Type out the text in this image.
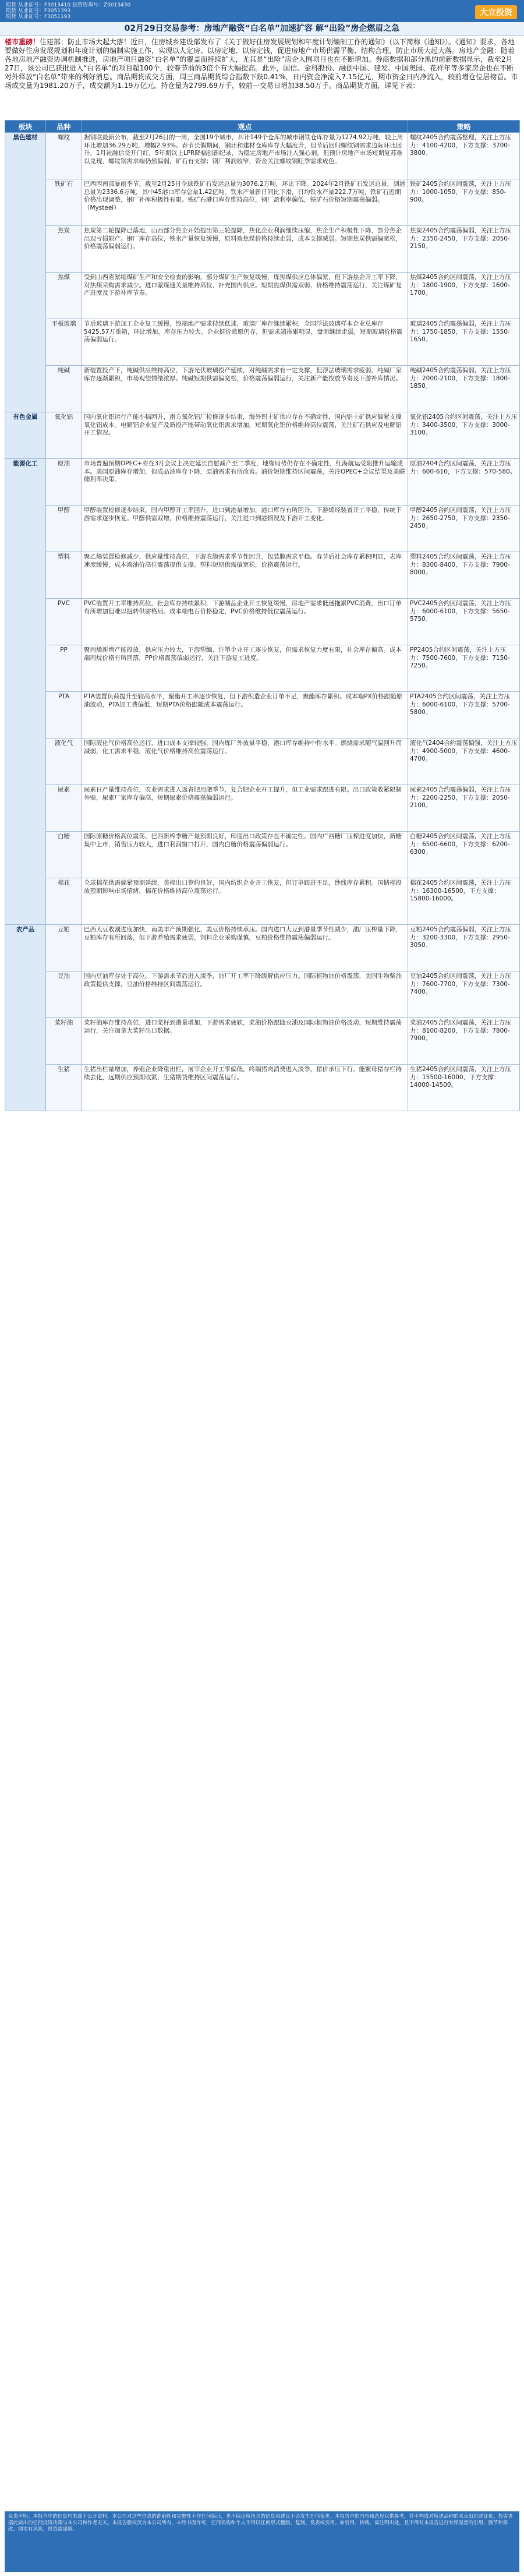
期货 从业证号：F3013410 投资咨询号：Z0013430
期货 从业证号：F3051393
期货 从业证号：F3051193	大立投资
02月29日交易参考：房地产融资“白名单”加速扩容 解“出险”房企燃眉之急
楼市重磅！住建部：防止市场大起大落！近日，住房城乡建设部发布了《关于做好住房发展规划和年度计划编制工作的通知》（以下简称《通知》）。《通知》要求，各地要做好住房发展规划和年度计划的编制实施工作，实现以人定房、以房定地、以房定钱，促进房地产市场供需平衡、结构合理，防止市场大起大落。房地产金融：随着各地房地产融资协调机制推进，房地产项目融资“白名单”的覆盖面持续扩大，尤其是“出险”房企入围项目也在不断增加。券商数据和部分黑的前新数据显示，截至2月27日，该公司已获批进入“白名单”的项目超100个，较春节前的3倍个有大幅提高。此外，国信、金科股份、融创中国、建发、中国奥园、花样年等多家房企也在不断对外释放“白名单”带来的利好消息。商品期货成交方面，周三商品期货综合指数下跌0.41%，日内资金净流入7.15亿元，期市资金日内净流入，较前增仓位居榜首。市场成交量为1981.20万手，成交额为1.19万亿元。持仓量为2799.69万手，较前一交易日增加38.50万手。商品期货方面，详见下表：
板块	品种	观点	策略
黑色建材	螺纹	据钢联最新公布，截至2月26日的一周，全国19个城市，共计149个仓库的城市钢铁仓库存量为1274.92万吨，较上周环比增加36.29万吨，增幅2.93%。春节长假期间，钢坯和建材仓库库存大幅度升，但节后回归螺纹钢需求边际环比回升，1月社融信贷开门红，5年期以上LPR降幅创新纪录，为稳定房地产市场注入强心剂，但预计房地产市场短期复苏难以兑现，螺纹钢需求端仍然偏弱，矿石有支撑；钢厂利润收窄，资金关注螺纹钢旺季需求成色。	螺纹2405合约震荡整理，关注上方压力：4100-4200，下方支撑：3700-3800。
	铁矿石	巴西西南部暴雨季节，截至2月25日全球铁矿石发运总量为3076.2万吨，环比下降。2024年2月铁矿石发运总量，到港总量为2336.6万吨，其中45港口库存总量1.42亿吨。铁水产量新日同比下滑，日均铁水产量222.7万吨，铁矿石近期价格出现调整，钢厂补库积极性有限。铁矿石港口库存维持高位，钢厂盈利率偏低，铁矿石价格短期震荡偏弱。（Mysteel）	铁矿2405合约区间震荡，关注上方压力：1000-1050，下方支撑：850-900。
	焦炭	焦炭第二轮提降已落地，山西部分焦企开始提出第三轮提降，焦化企业利润继续压缩，焦企生产积极性下降，部分焦企出现亏损限产。钢厂库存高位，铁水产量恢复缓慢，原料端焦煤价格持续走弱，成本支撑减弱。短期焦炭供需偏宽松，价格震荡偏弱运行。	焦炭2405合约震荡偏弱，关注上方压力：2350-2450，下方支撑：2050-2150。
	焦煤	受到山西省紧缩煤矿生产和安全检查的影响，部分煤矿生产恢复缓慢，炼焦煤供应总体偏紧，但下游焦企开工率下降，对焦煤采购需求减少。进口蒙煤通关量维持高位，补充国内供应。短期焦煤供需双弱，价格维持震荡运行，关注煤矿复产进度及下游补库节奏。	焦煤2405合约区间震荡，关注上方压力：1800-1900，下方支撑：1600-1700。
	平板玻璃	节后玻璃下游加工企业复工缓慢，终端地产需求持续低迷，玻璃厂库存继续累积，全国浮法玻璃样本企业总库存5425.57万重箱，环比增加，库存压力较大。企业挺价意愿仍存，但需求端拖累明显，盘面继续走弱，短期玻璃价格震荡偏弱运行。	玻璃2405合约震荡偏弱，关注上方压力：1750-1850，下方支撑：1550-1650。
	纯碱	新装置投产下，纯碱供应维持高位，下游光伏玻璃投产延续，对纯碱需求有一定支撑，但浮法玻璃需求疲弱，纯碱厂家库存逐渐累积，市场观望情绪浓厚。纯碱短期供需偏宽松，价格震荡偏弱运行，关注新产能投放节奏及下游补库情况。	纯碱2405合约震荡偏弱，关注上方压力：2000-2100，下方支撑：1800-1850。
有色金属	氧化铝	国内氧化铝运行产能小幅回升，南方氧化铝厂检修逐步结束，海外铝土矿供应存在不确定性，国内铝土矿供应偏紧支撑氧化铝成本。电解铝企业复产及新投产能带动氧化铝需求增加，短期氧化铝价格维持高位震荡，关注矿石供应及电解铝开工情况。	氧化铝2405合约区间震荡，关注上方压力：3400-3500，下方支撑：3000-3100。
能源化工	原油	市场普遍预期OPEC+将在3月会议上决定延长自愿减产至二季度，地缘局势仍存在不确定性，红海航运受阻推升运输成本。美国原油库存增加，但成品油库存下降，原油需求有所改善。油价短期维持区间震荡，关注OPEC+会议结果及美联储利率决策。	原油2404合约区间震荡，关注上方压力：600-610，下方支撑：570-580。
	甲醇	甲醇装置检修逐步结束，国内甲醇开工率回升，进口到港量增加，港口库存有所回升。下游烯烃装置开工平稳，传统下游需求逐步恢复。甲醇供需双增，价格维持震荡运行，关注进口到港情况及下游开工变化。	甲醇2405合约区间震荡，关注上方压力：2650-2750，下方支撑：2350-2450。
	塑料	聚乙烯装置检修减少，供应量维持高位，下游农膜需求季节性回升，包装膜需求平稳。春节后社会库存累积明显，去库速度缓慢，成本端油价高位震荡提供支撑。塑料短期供需偏宽松，价格震荡运行。	塑料2405合约区间震荡，关注上方压力：8300-8400，下方支撑：7900-8000。
	PVC	PVC装置开工率维持高位，社会库存持续累积，下游制品企业开工恢复缓慢，房地产需求低迷拖累PVC消费，出口订单有所增加但难以扭转供需格局。成本端电石价格稳定，PVC价格维持低位震荡运行。	PVC2405合约区间震荡，关注上方压力：6000-6100，下方支撑：5650-5750。
	PP	聚丙烯新增产能投放，供应压力较大，下游塑编、注塑企业开工逐步恢复，但需求恢复力度有限，社会库存偏高。成本端丙烷价格有所回落，PP价格震荡偏弱运行，关注下游复工进度。	PP2405合约区间震荡，关注上方压力：7500-7600，下方支撑：7150-7250。
	PTA	PTA装置负荷提升至较高水平，聚酯开工率逐步恢复，但下游织造企业订单不足，聚酯库存累积。成本端PX价格跟随原油波动，PTA加工费偏低，短期PTA价格跟随成本震荡运行。	PTA2405合约区间震荡，关注上方压力：6000-6100，下方支撑：5700-5800。
	液化气	国际液化气价格高位运行，进口成本支撑较强，国内炼厂外放量平稳，港口库存维持中性水平。燃烧需求随气温回升而减弱，化工需求平稳，液化气价格维持高位震荡运行。	液化气2404合约震荡偏强，关注上方压力：4900-5000，下方支撑：4600-4700。
	尿素	尿素日产量维持高位，农业需求进入返青肥用肥季节，复合肥企业开工提升，但工业需求跟进有限。出口政策收紧限制外需，尿素厂家库存偏高，短期尿素价格震荡偏弱运行。	尿素2405合约震荡偏弱，关注上方压力：2200-2250，下方支撑：2050-2100。
	白糖	国际原糖价格高位震荡，巴西新榨季糖产量预期良好，印度出口政策存在不确定性。国内广西糖厂压榨进度加快，新糖集中上市，销售压力较大，进口利润窗口打开，国内白糖价格震荡偏弱运行。	白糖2405合约区间震荡，关注上方压力：6500-6600，下方支撑：6200-6300。
	棉花	全球棉花供需偏紧预期延续，美棉出口签约良好，国内纺织企业开工恢复，但订单跟进不足，纱线库存累积。国储棉投放预期影响市场情绪，棉花价格维持高位震荡运行。	棉花2405合约区间震荡，关注上方压力：16300-16500，下方支撑：15800-16000。
农产品	豆粕	巴西大豆收割进度加快，南美丰产预期强化，美豆价格持续承压。国内进口大豆到港量季节性减少，油厂压榨量下降，豆粕库存有所回落，但下游养殖需求疲弱，饲料企业采购谨慎，豆粕价格维持震荡偏弱运行。	豆粕2405合约震荡偏弱，关注上方压力：3200-3300，下方支撑：2950-3050。
	豆油	国内豆油库存处于高位，下游需求节后进入淡季，油厂开工率下降缓解供应压力。国际植物油价格震荡，美国生物柴油政策提供支撑，豆油价格维持区间震荡运行。	豆油2405合约区间震荡，关注上方压力：7600-7700，下方支撑：7300-7400。
	菜籽油	菜籽油库存维持高位，进口菜籽到港量增加，下游需求疲软，菜油价格跟随豆油及国际植物油价格波动，短期维持震荡运行，关注加拿大菜籽出口数据。	菜油2405合约区间震荡，关注上方压力：8100-8200，下方支撑：7800-7900。
	生猪	生猪出栏量增加，养殖企业降重出栏，屠宰企业开工率偏低，终端猪肉消费进入淡季，猪价承压下行。能繁母猪存栏持续去化，远期供应预期收紧，生猪期货维持区间震荡运行。	生猪2405合约区间震荡，关注上方压力：15500-16000，下方支撑：14000-14500。
免责声明：本报告中的信息均来源于公开资料，本公司对这些信息的准确性和完整性不作任何保证，也不保证所包含的信息和建议不会发生任何变更。本报告中的内容和意见仅供参考，并不构成对所述品种的买卖出价或征价。投资者据此做出的任何投资决策与本公司和作者无关。本报告版权仅为本公司所有，未经书面许可，任何机构和个人不得以任何形式翻版、复制、发表或引用。如引用、转载，需注明出处，且不得对本报告进行有悖原意的引用、删节和修改。期市有风险，投资需谨慎。
